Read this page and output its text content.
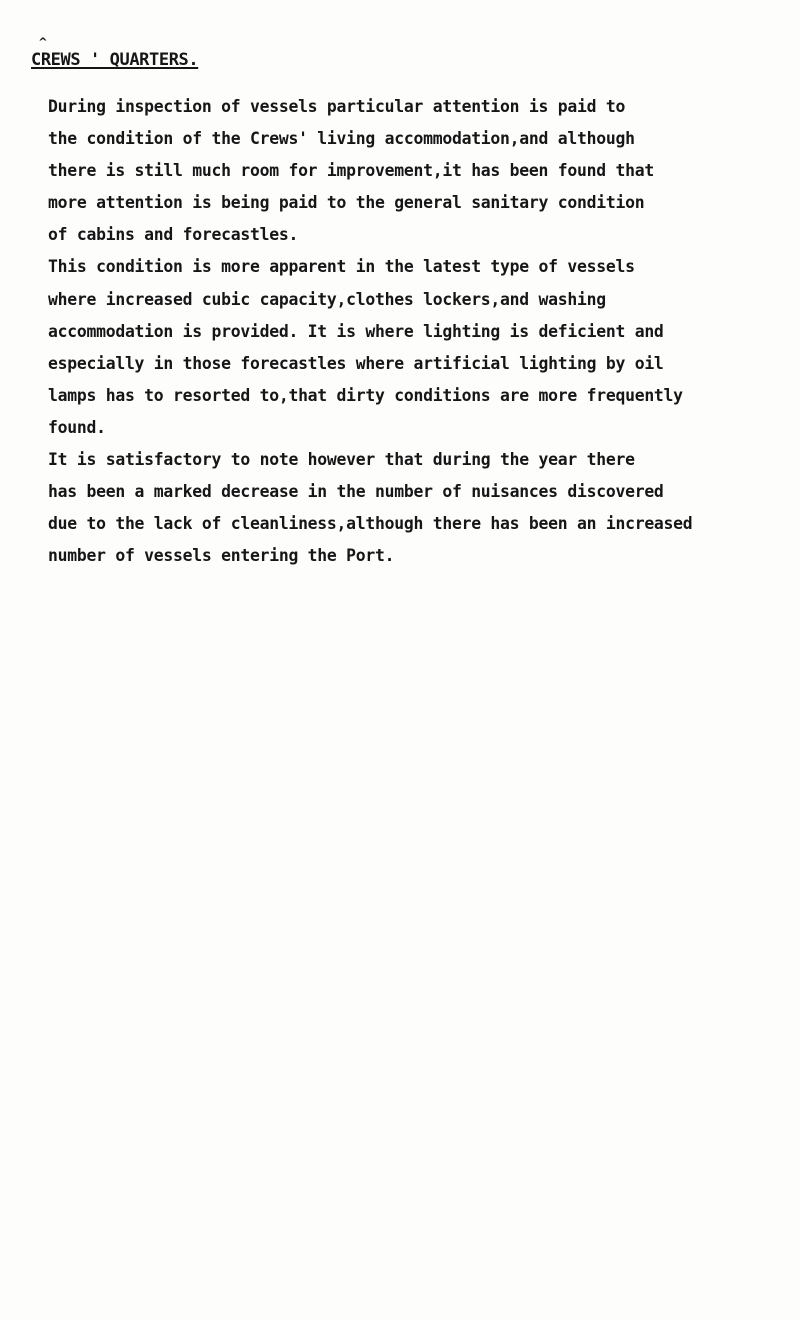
^
CREWS ' QUARTERS.
During inspection of vessels particular attention is paid to
the condition of the Crews' living accommodation,and although
there is still much room for improvement,it has been found that
more attention is being paid to the general sanitary condition
of cabins and forecastles.
This condition is more apparent in the latest type of vessels
where increased cubic capacity,clothes lockers,and washing
accommodation is provided. It is where lighting is deficient and
especially in those forecastles where artificial lighting by oil
lamps has to resorted to,that dirty conditions are more frequently
found.
It is satisfactory to note however that during the year there
has been a marked decrease in the number of nuisances discovered
due to the lack of cleanliness,although there has been an increased
number of vessels entering the Port.
